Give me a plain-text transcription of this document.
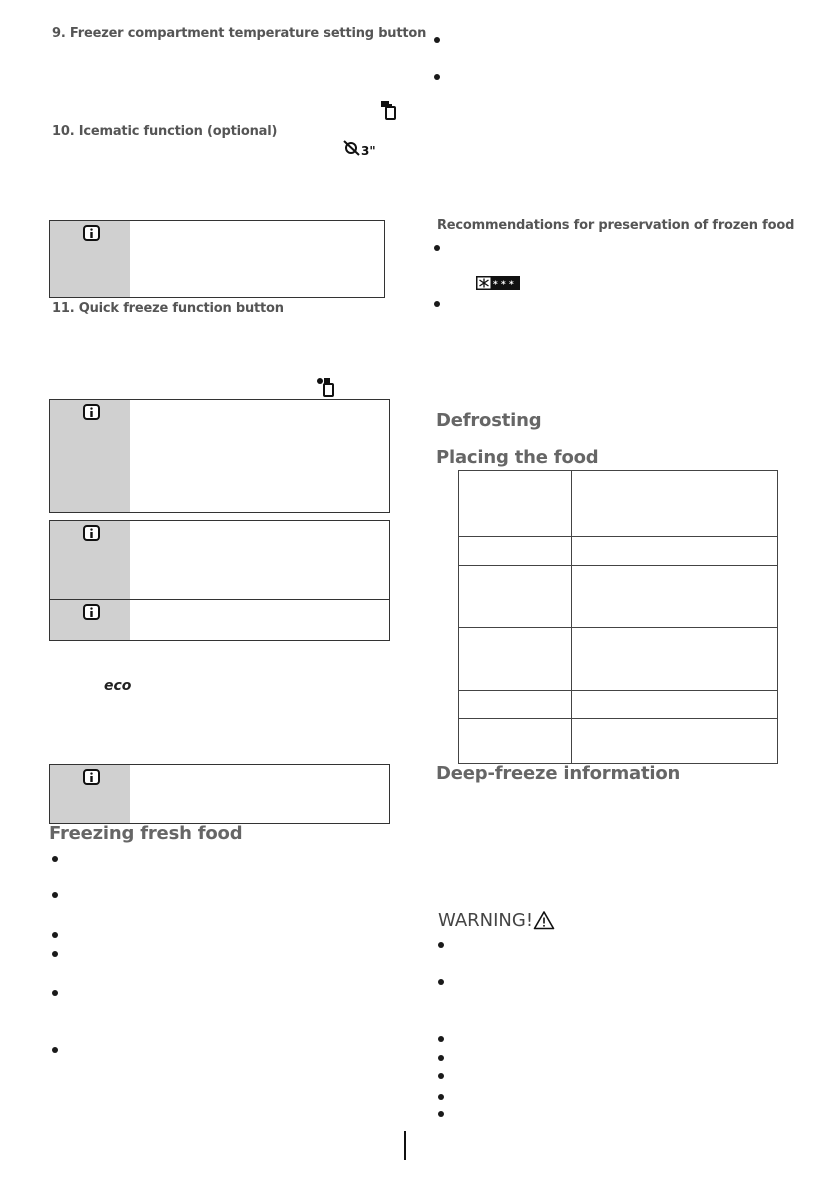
9. Freezer compartment temperature setting button
10. Icematic function (optional)
3"
11. Quick freeze function button
eco
Freezing fresh food
Recommendations for preservation of frozen food
* * *
Defrosting
Placing the food
Deep-freeze information
WARNING!
